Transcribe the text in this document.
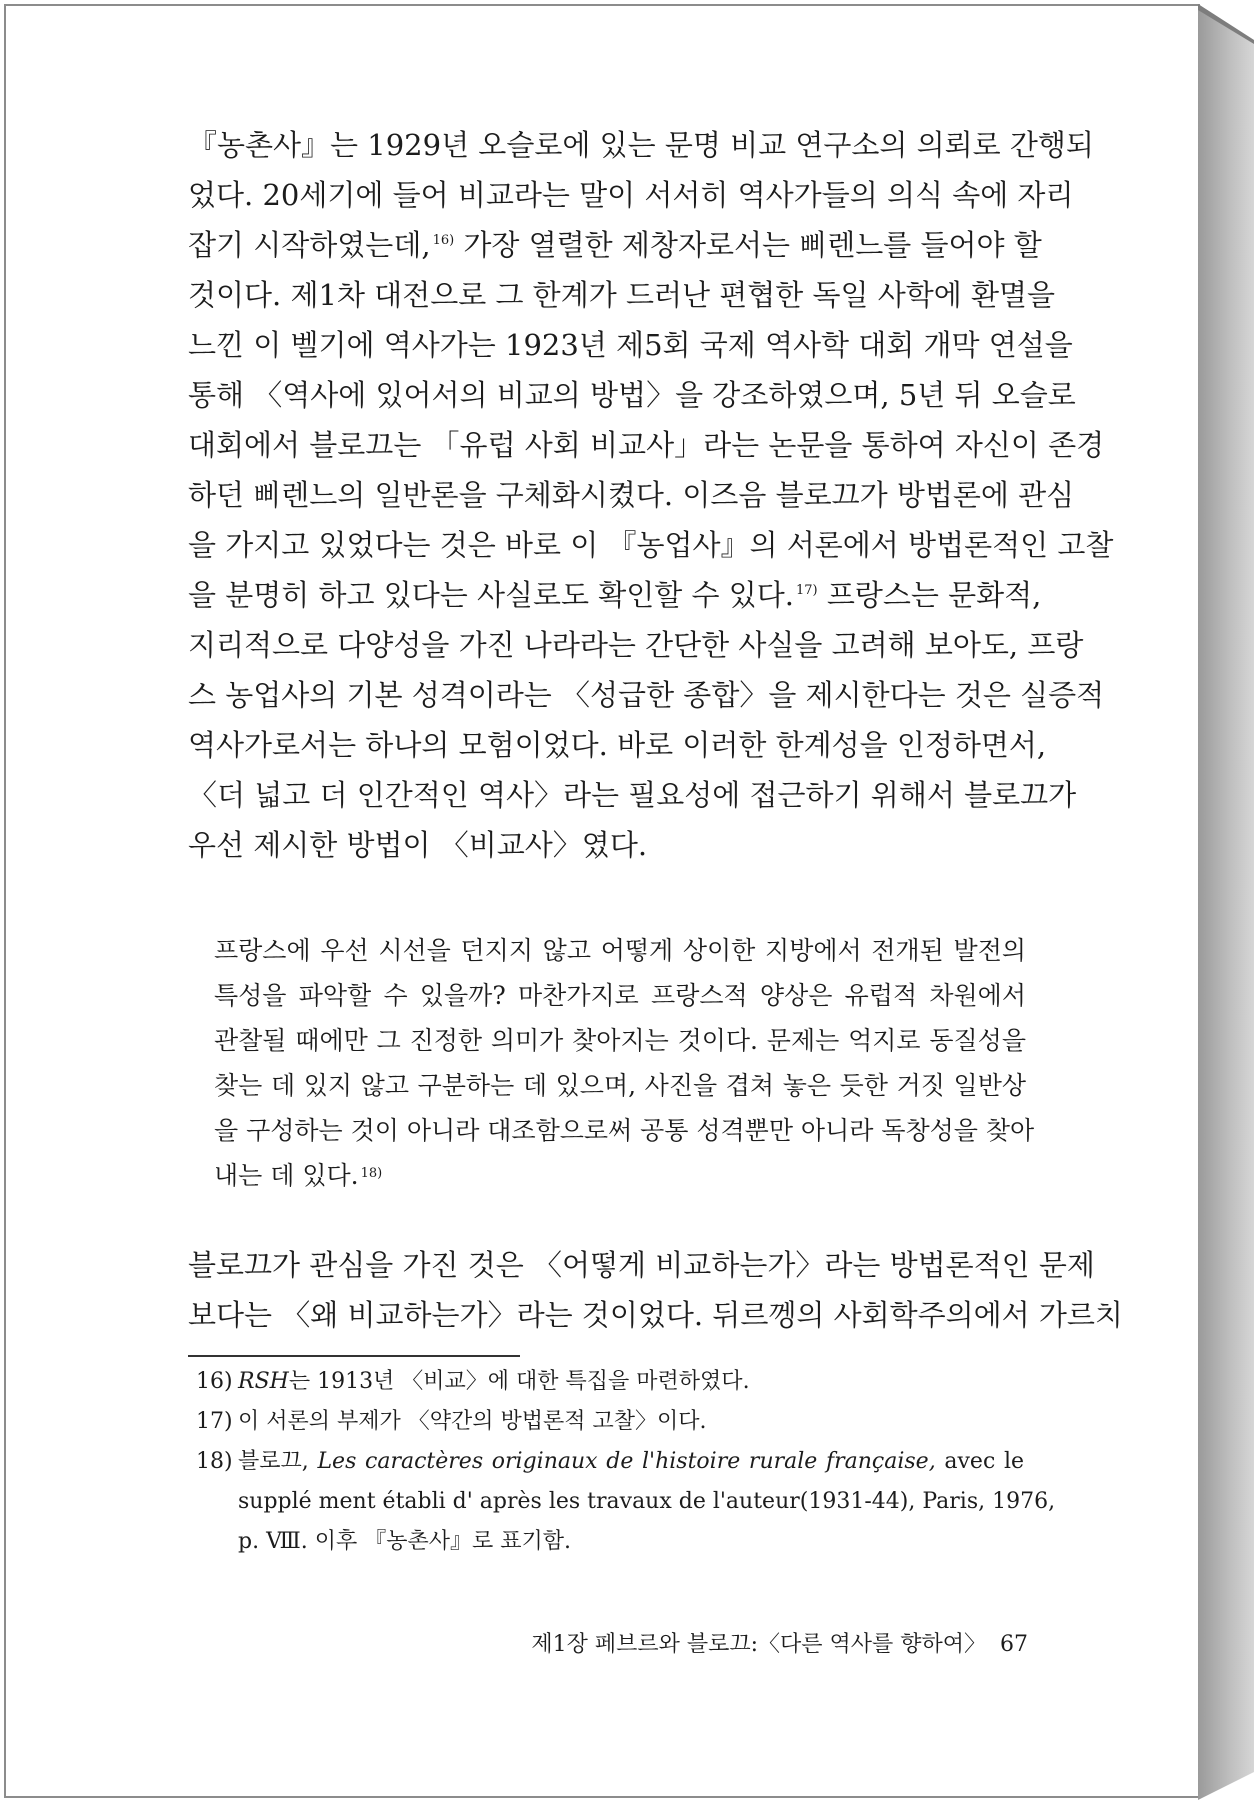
『농촌사』는 1929년 오슬로에 있는 문명 비교 연구소의 의뢰로 간행되
었다. 20세기에 들어 비교라는 말이 서서히 역사가들의 의식 속에 자리
잡기 시작하였는데, $^{16)}$ 가장 열렬한 제창자로서는 삐렌느를 들어야 할
것이다. 제1차 대전으로 그 한계가 드러난 편협한 독일 사학에 환멸을
느낀 이 벨기에 역사가는 1923년 제5회 국제 역사학 대회 개막 연설을
통해 〈역사에 있어서의 비교의 방법〉을 강조하였으며, 5년 뒤 오슬로
대회에서 블로끄는 「유럽 사회 비교사」라는 논문을 통하여 자신이 존경
하던 삐렌느의 일반론을 구체화시켰다. 이즈음 블로끄가 방법론에 관심
을 가지고 있었다는 것은 바로 이 『농업사』의 서론에서 방법론적인 고찰
을 분명히 하고 있다는 사실로도 확인할 수 있다. $^{17)}$ 프랑스는 문화적,
지리적으로 다양성을 가진 나라라는 간단한 사실을 고려해 보아도, 프랑
스 농업사의 기본 성격이라는 〈성급한 종합〉을 제시한다는 것은 실증적
역사가로서는 하나의 모험이었다. 바로 이러한 한계성을 인정하면서,
〈더 넓고 더 인간적인 역사〉라는 필요성에 접근하기 위해서 블로끄가
우선 제시한 방법이 〈비교사〉였다.
프랑스에 우선 시선을 던지지 않고 어떻게 상이한 지방에서 전개된 발전의
특성을 파악할 수 있을까? 마찬가지로 프랑스적 양상은 유럽적 차원에서
관찰될 때에만 그 진정한 의미가 찾아지는 것이다. 문제는 억지로 동질성을
찾는 데 있지 않고 구분하는 데 있으며, 사진을 겹쳐 놓은 듯한 거짓 일반상
을 구성하는 것이 아니라 대조함으로써 공통 성격뿐만 아니라 독창성을 찾아
내는 데 있다. $^{18)}$
블로끄가 관심을 가진 것은 〈어떻게 비교하는가〉라는 방법론적인 문제
보다는 〈왜 비교하는가〉라는 것이었다. 뒤르껭의 사회학주의에서 가르치
16) RSH는 1913년 〈비교〉에 대한 특집을 마련하였다.
17) 이 서론의 부제가 〈약간의 방법론적 고찰〉이다.
18) 블로끄, Les caractères originaux de l'histoire rurale française, avec le
supplé ment établi d' après les travaux de l'auteur(1931-44), Paris, 1976,
p. Ⅷ. 이후 『농촌사』로 표기함.
제1장 페브르와 블로끄:〈다른 역사를 향하여〉 67
